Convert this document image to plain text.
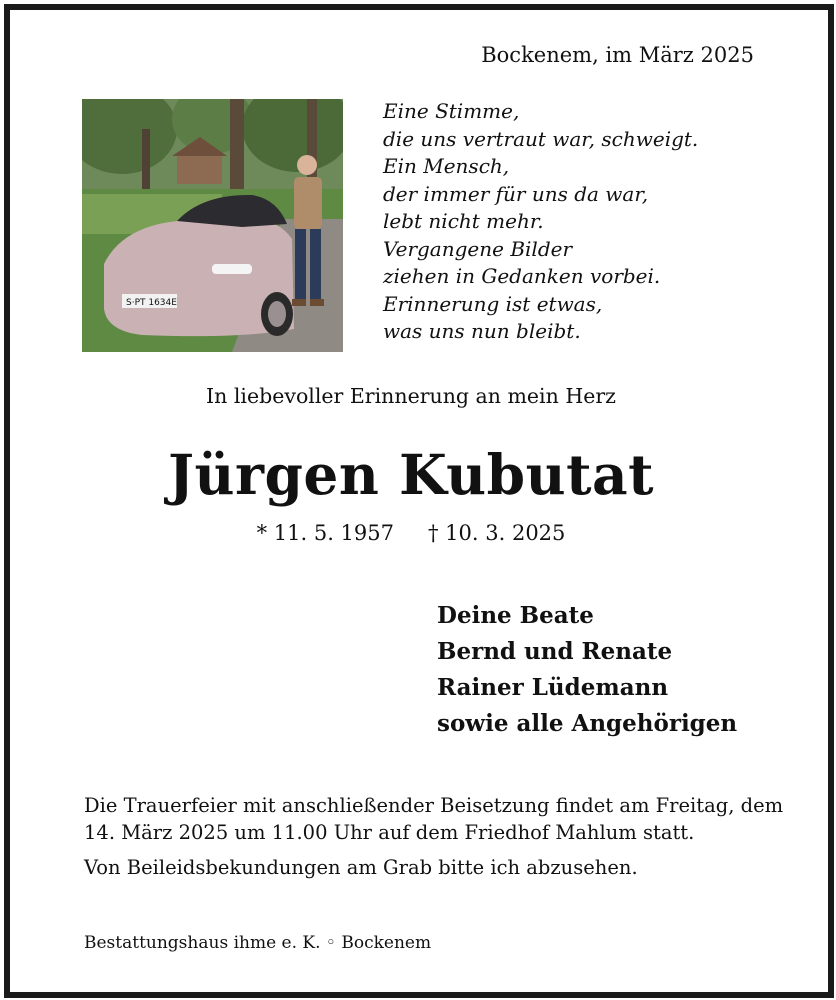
Bockenem, im März 2025
S·PT 1634E
Eine Stimme,
die uns vertraut war, schweigt.
Ein Mensch,
der immer für uns da war,
lebt nicht mehr.
Vergangene Bilder
ziehen in Gedanken vorbei.
Erinnerung ist etwas,
was uns nun bleibt.
In liebevoller Erinnerung an mein Herz
Jürgen Kubutat
* 11. 5. 1957 † 10. 3. 2025
Deine Beate
Bernd und Renate
Rainer Lüdemann
sowie alle Angehörigen

Die Trauerfeier mit anschließender Beisetzung findet am Freitag, dem 14. März 2025 um 11.00 Uhr auf dem Friedhof Mahlum statt.

Von Beileidsbekundungen am Grab bitte ich abzusehen.

Bestattungshaus ihme e. K. ◦ Bockenem
